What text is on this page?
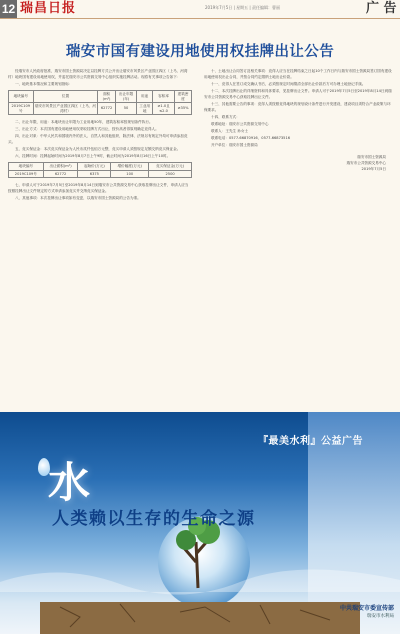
12 瑞昌日报	2019年7月5日 | 星期五 | 责任编辑：曹丽	广 告
瑞安市国有建设用地使用权挂牌出让公告

经瑞安市人民政府批准，瑞安市国土资源局决定以挂牌方式公开出让瑞安市风景区产业园区四区（上马、河湾村）地块国有建设用地使用权，并委托瑞安市公共资源交易中心组织实施挂牌活动。现将有关事项公告如下：

一、地块基本情况和主要规划指标：

地块编号	位置	面积(m²)	出让年限(年)	用途	容积率	建筑密度
2019C109号	瑞安市风景区产业园区四区（上马、河湾村）	62772	50	工业用地	≥1.0且≤2.0	≥35%

二、出让年限、用途：本地块出让年限为工业用地50年，建筑容积率按规划条件执行。

三、出让方式：本次国有建设用地使用权采取挂牌方式出让，按价高者得原则确定竞得人。

四、出让对象：中华人民共和国境内外的法人、自然人和其他组织，除法律、法规另有规定外均可申请参加竞买。

五、竞买保证金：本次竞买保证金为人民币贰仟伍佰万元整，竞买申请人须按规定足额交纳竞买保证金。

六、挂牌时间：挂牌起始时间为2019年8月7日上午9时，截止时间为2019年8月16日上午10时。

地块编号	出让面积(m²)	起始价(万元)	增价幅度(万元)	竞买保证金(万元)
2019C109号	62772	6375	100	2500

七、申请人可于2019年7月5日至2019年8月14日到瑞安市公共资源交易中心获取挂牌出让文件，申请人应当按照挂牌出让文件规定的方式申请参加竞买并交纳竞买保证金。

八、其他事项：本次挂牌出让事项如有变更，以瑞安市国土资源局的公告为准。

十、土地出让合同签订及相关事项：竞得人应当在挂牌结束之日起10个工作日内与瑞安市国土资源局签订国有建设用地使用权出让合同，并按合同约定缴纳土地出让价款。

十一、竞得人在签订成交确认书后，必须按规定时间缴清全部出让价款后方可办理土地登记手续。

十二、本次挂牌出让的详细资料和具体要求，见挂牌出让文件。申请人可于2019年7月5日至2019年8月14日到瑞安市公共资源交易中心获取挂牌出让文件。

十三、其他需要公告的事项：竞得人须按照竞得地块的规划设计条件进行开发建设，建设项目须符合产业政策与环保要求。

十四、联系方式：

联系地址：瑞安市公共资源交易中心

联系人：王先生 孙女士

联系电话：0577-66870916、0577-66873516

开户单位：瑞安市国土资源局

瑞安市国土资源局
瑞安市公共资源交易中心
2019年7月5日
『最美水利』公益广告
水
人类赖以生存的生命之源
中共瑞安市委宣传部
瑞安市水利局
